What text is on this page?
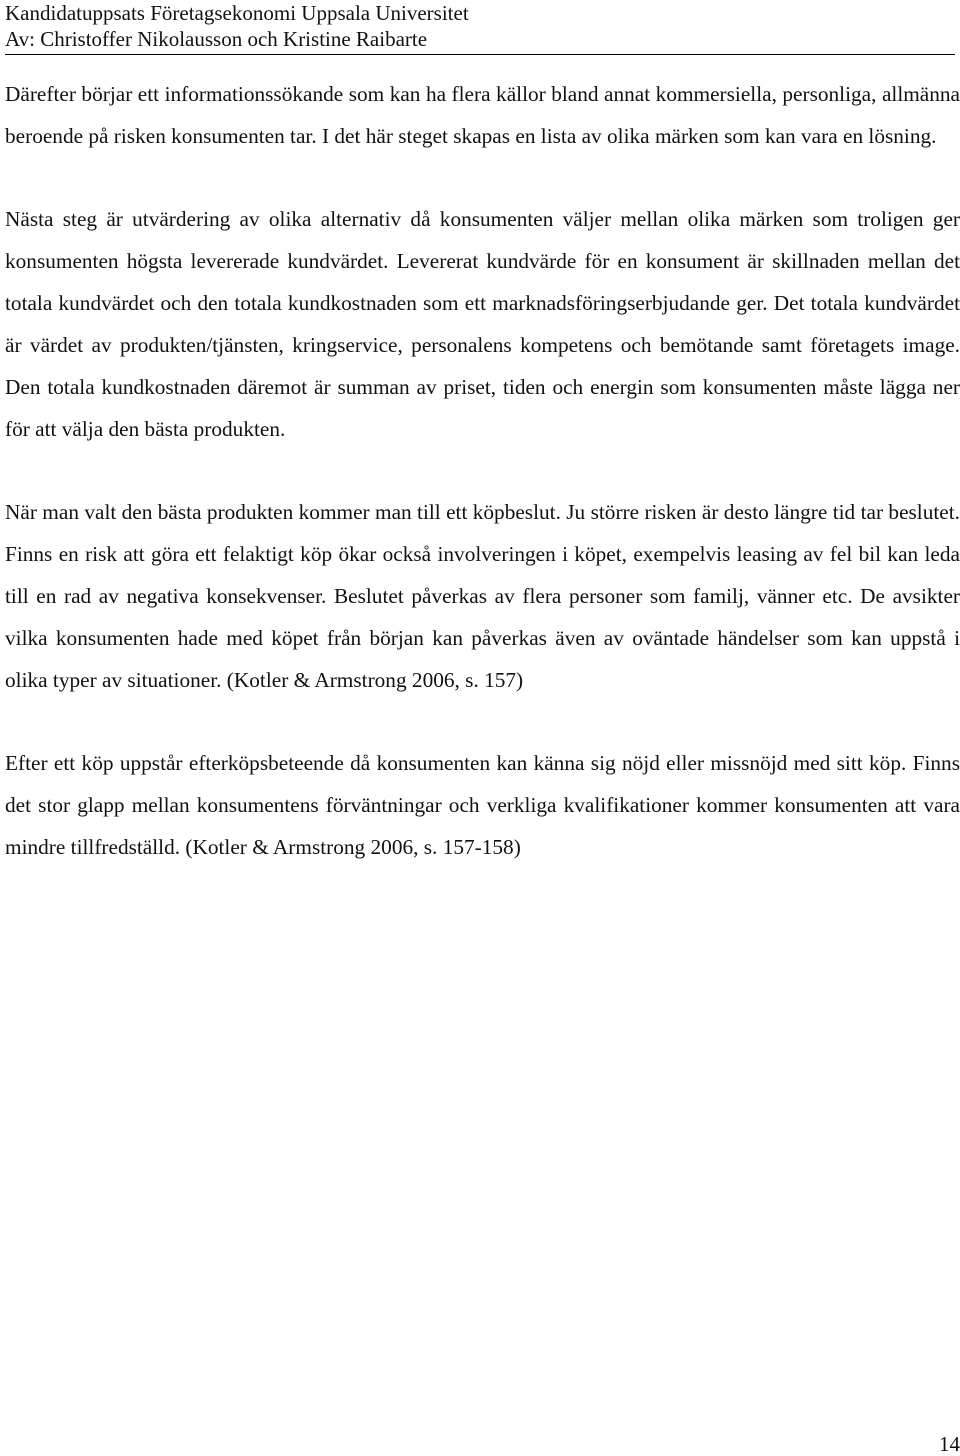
Kandidatuppsats Företagsekonomi Uppsala Universitet

Av: Christoffer Nikolausson och Kristine Raibarte

Därefter börjar ett informationssökande som kan ha flera källor bland annat kommersiella, personliga, allmänna beroende på risken konsumenten tar. I det här steget skapas en lista av olika märken som kan vara en lösning.

Nästa steg är utvärdering av olika alternativ då konsumenten väljer mellan olika märken som troligen ger konsumenten högsta levererade kundvärdet. Levererat kundvärde för en konsument är skillnaden mellan det totala kundvärdet och den totala kundkostnaden som ett marknadsföringserbjudande ger. Det totala kundvärdet är värdet av produkten/tjänsten, kringservice, personalens kompetens och bemötande samt företagets image. Den totala kundkostnaden däremot är summan av priset, tiden och energin som konsumenten måste lägga ner för att välja den bästa produkten.

När man valt den bästa produkten kommer man till ett köpbeslut. Ju större risken är desto längre tid tar beslutet. Finns en risk att göra ett felaktigt köp ökar också involveringen i köpet, exempelvis leasing av fel bil kan leda till en rad av negativa konsekvenser. Beslutet påverkas av flera personer som familj, vänner etc. De avsikter vilka konsumenten hade med köpet från början kan påverkas även av oväntade händelser som kan uppstå i olika typer av situationer. (Kotler & Armstrong 2006, s. 157)

Efter ett köp uppstår efterköpsbeteende då konsumenten kan känna sig nöjd eller missnöjd med sitt köp. Finns det stor glapp mellan konsumentens förväntningar och verkliga kvalifikationer kommer konsumenten att vara mindre tillfredställd. (Kotler & Armstrong 2006, s. 157-158)

14
